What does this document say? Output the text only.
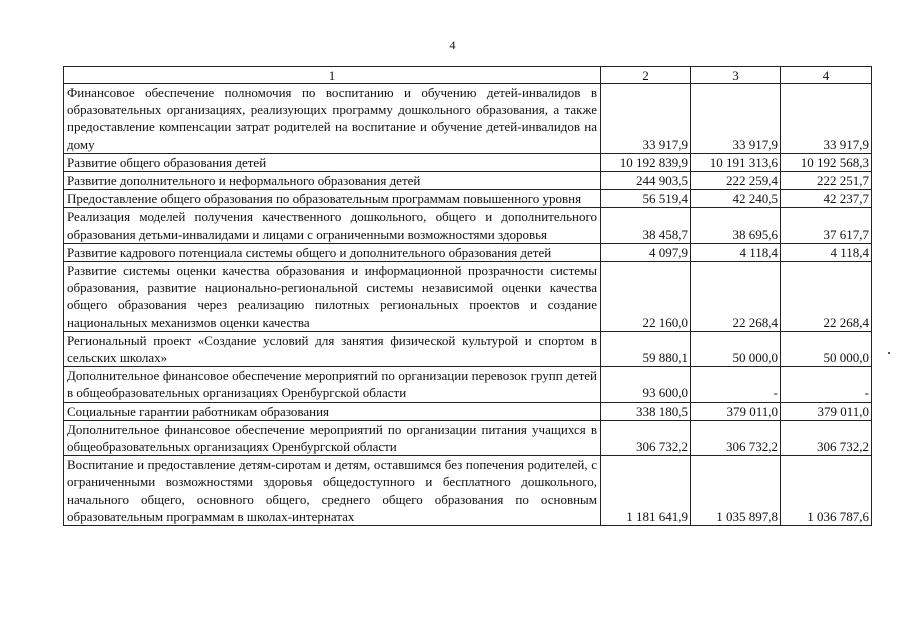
4
1	2	3	4
Финансовое обеспечение полномочия по воспитанию и обучению детей-инвалидов в образовательных организациях, реализующих программу дошкольного образования, а также предоставление компенсации затрат родителей на воспитание и обучение детей-инвалидов на дому	33 917,9	33 917,9	33 917,9
Развитие общего образования детей	10 192 839,9	10 191 313,6	10 192 568,3
Развитие дополнительного и неформального образования детей	244 903,5	222 259,4	222 251,7
Предоставление общего образования по образовательным программам повышенного уровня	56 519,4	42 240,5	42 237,7
Реализация моделей получения качественного дошкольного, общего и дополнительного образования детьми-инвалидами и лицами с ограниченными возможностями здоровья	38 458,7	38 695,6	37 617,7
Развитие кадрового потенциала системы общего и дополнительного образования детей	4 097,9	4 118,4	4 118,4
Развитие системы оценки качества образования и информационной прозрачности системы образования, развитие национально-региональной системы независимой оценки качества общего образования через реализацию пилотных региональных проектов и создание национальных механизмов оценки качества	22 160,0	22 268,4	22 268,4
Региональный проект «Создание условий для занятия физической культурой и спортом в сельских школах»	59 880,1	50 000,0	50 000,0
Дополнительное финансовое обеспечение мероприятий по организации перевозок групп детей в общеобразовательных организациях Оренбургской области	93 600,0	-	-
Социальные гарантии работникам образования	338 180,5	379 011,0	379 011,0
Дополнительное финансовое обеспечение мероприятий по организации питания учащихся в общеобразовательных организациях Оренбургской области	306 732,2	306 732,2	306 732,2
Воспитание и предоставление детям-сиротам и детям, оставшимся без попечения родителей, с ограниченными возможностями здоровья общедоступного и бесплатного дошкольного, начального общего, основного общего, среднего общего образования по основным образовательным программам в школах-интернатах	1 181 641,9	1 035 897,8	1 036 787,6
